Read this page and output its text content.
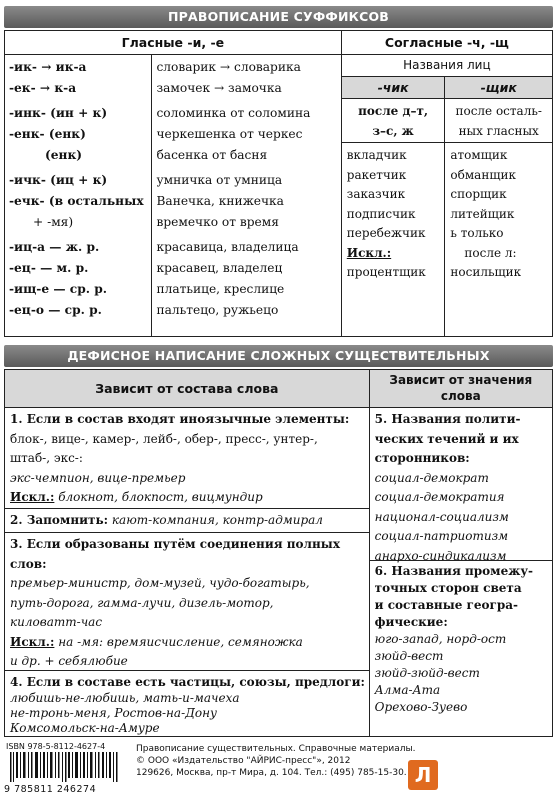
ПРАВОПИСАНИЕ СУФФИКСОВ
Гласные -и, -е	Согласные -ч, -щ
-ик- → ик-а
-ек- → к-а
-инк- (ин + к)
-енк- (енк)
(енк)
-ичк- (иц + к)
-ечк- (в остальных
+ -мя)
-иц-а — ж. р.
-ец- — м. р.
-ищ-е — ср. р.
-ец-о — ср. р.
словарик → словарика
замочек → замочка
соломинка от соломина
черкешенка от черкес
басенка от басня
умничка от умница
Ванечка, книжечка
времечко от время
красавица, владелица
красавец, владелец
платьице, креслице
пальтецо, ружьецо
Названия лиц
-чик
после д–т,
з–с, ж
вкладчик
ракетчик
заказчик
подписчик
перебежчик
Искл.:
процентщик
-щик
после осталь-
ных гласных
атомщик
обманщик
спорщик
литейщик
ь только
после л:
носильщик
ДЕФИСНОЕ НАПИСАНИЕ СЛОЖНЫХ СУЩЕСТВИТЕЛЬНЫХ
Зависит от состава слова
Зависит от значения слова
1. Если в состав входят иноязычные элементы:
блок-, вице-, камер-, лейб-, обер-, пресс-, унтер-,
штаб-, экс-:
экс-чемпион, вице-премьер
Искл.: блокнот, блокпост, вицмундир
2. Запомнить: кают-компания, контр-адмирал
3. Если образованы путём соединения полных
слов:
премьер-министр, дом-музей, чудо-богатырь,
путь-дорога, гамма-лучи, дизель-мотор,
киловатт-час
Искл.: на -мя: времяисчисление, семяножка
и др. + себялюбие
4. Если в составе есть частицы, союзы, предлоги:
любишь-не-любишь, мать-и-мачеха
не-тронь-меня, Ростов-на-Дону
Комсомольск-на-Амуре
5. Названия полити-
ческих течений и их
сторонников:
социал-демократ
социал-демократия
национал-социализм
социал-патриотизм
анархо-синдикализм
6. Названия промежу-
точных сторон света
и составные геогра-
фические:
юго-запад, норд-ост
зюйд-вест
зюйд-зюйд-вест
Алма-Ата
Орехово-Зуево
ISBN 978-5-8112-4627-4
9 785811 246274
Правописание существительных. Справочные материалы.
© ООО «Издательство "АЙРИС-пресс"», 2012
129626, Москва, пр-т Мира, д. 104. Тел.: (495) 785-15-30. Л
